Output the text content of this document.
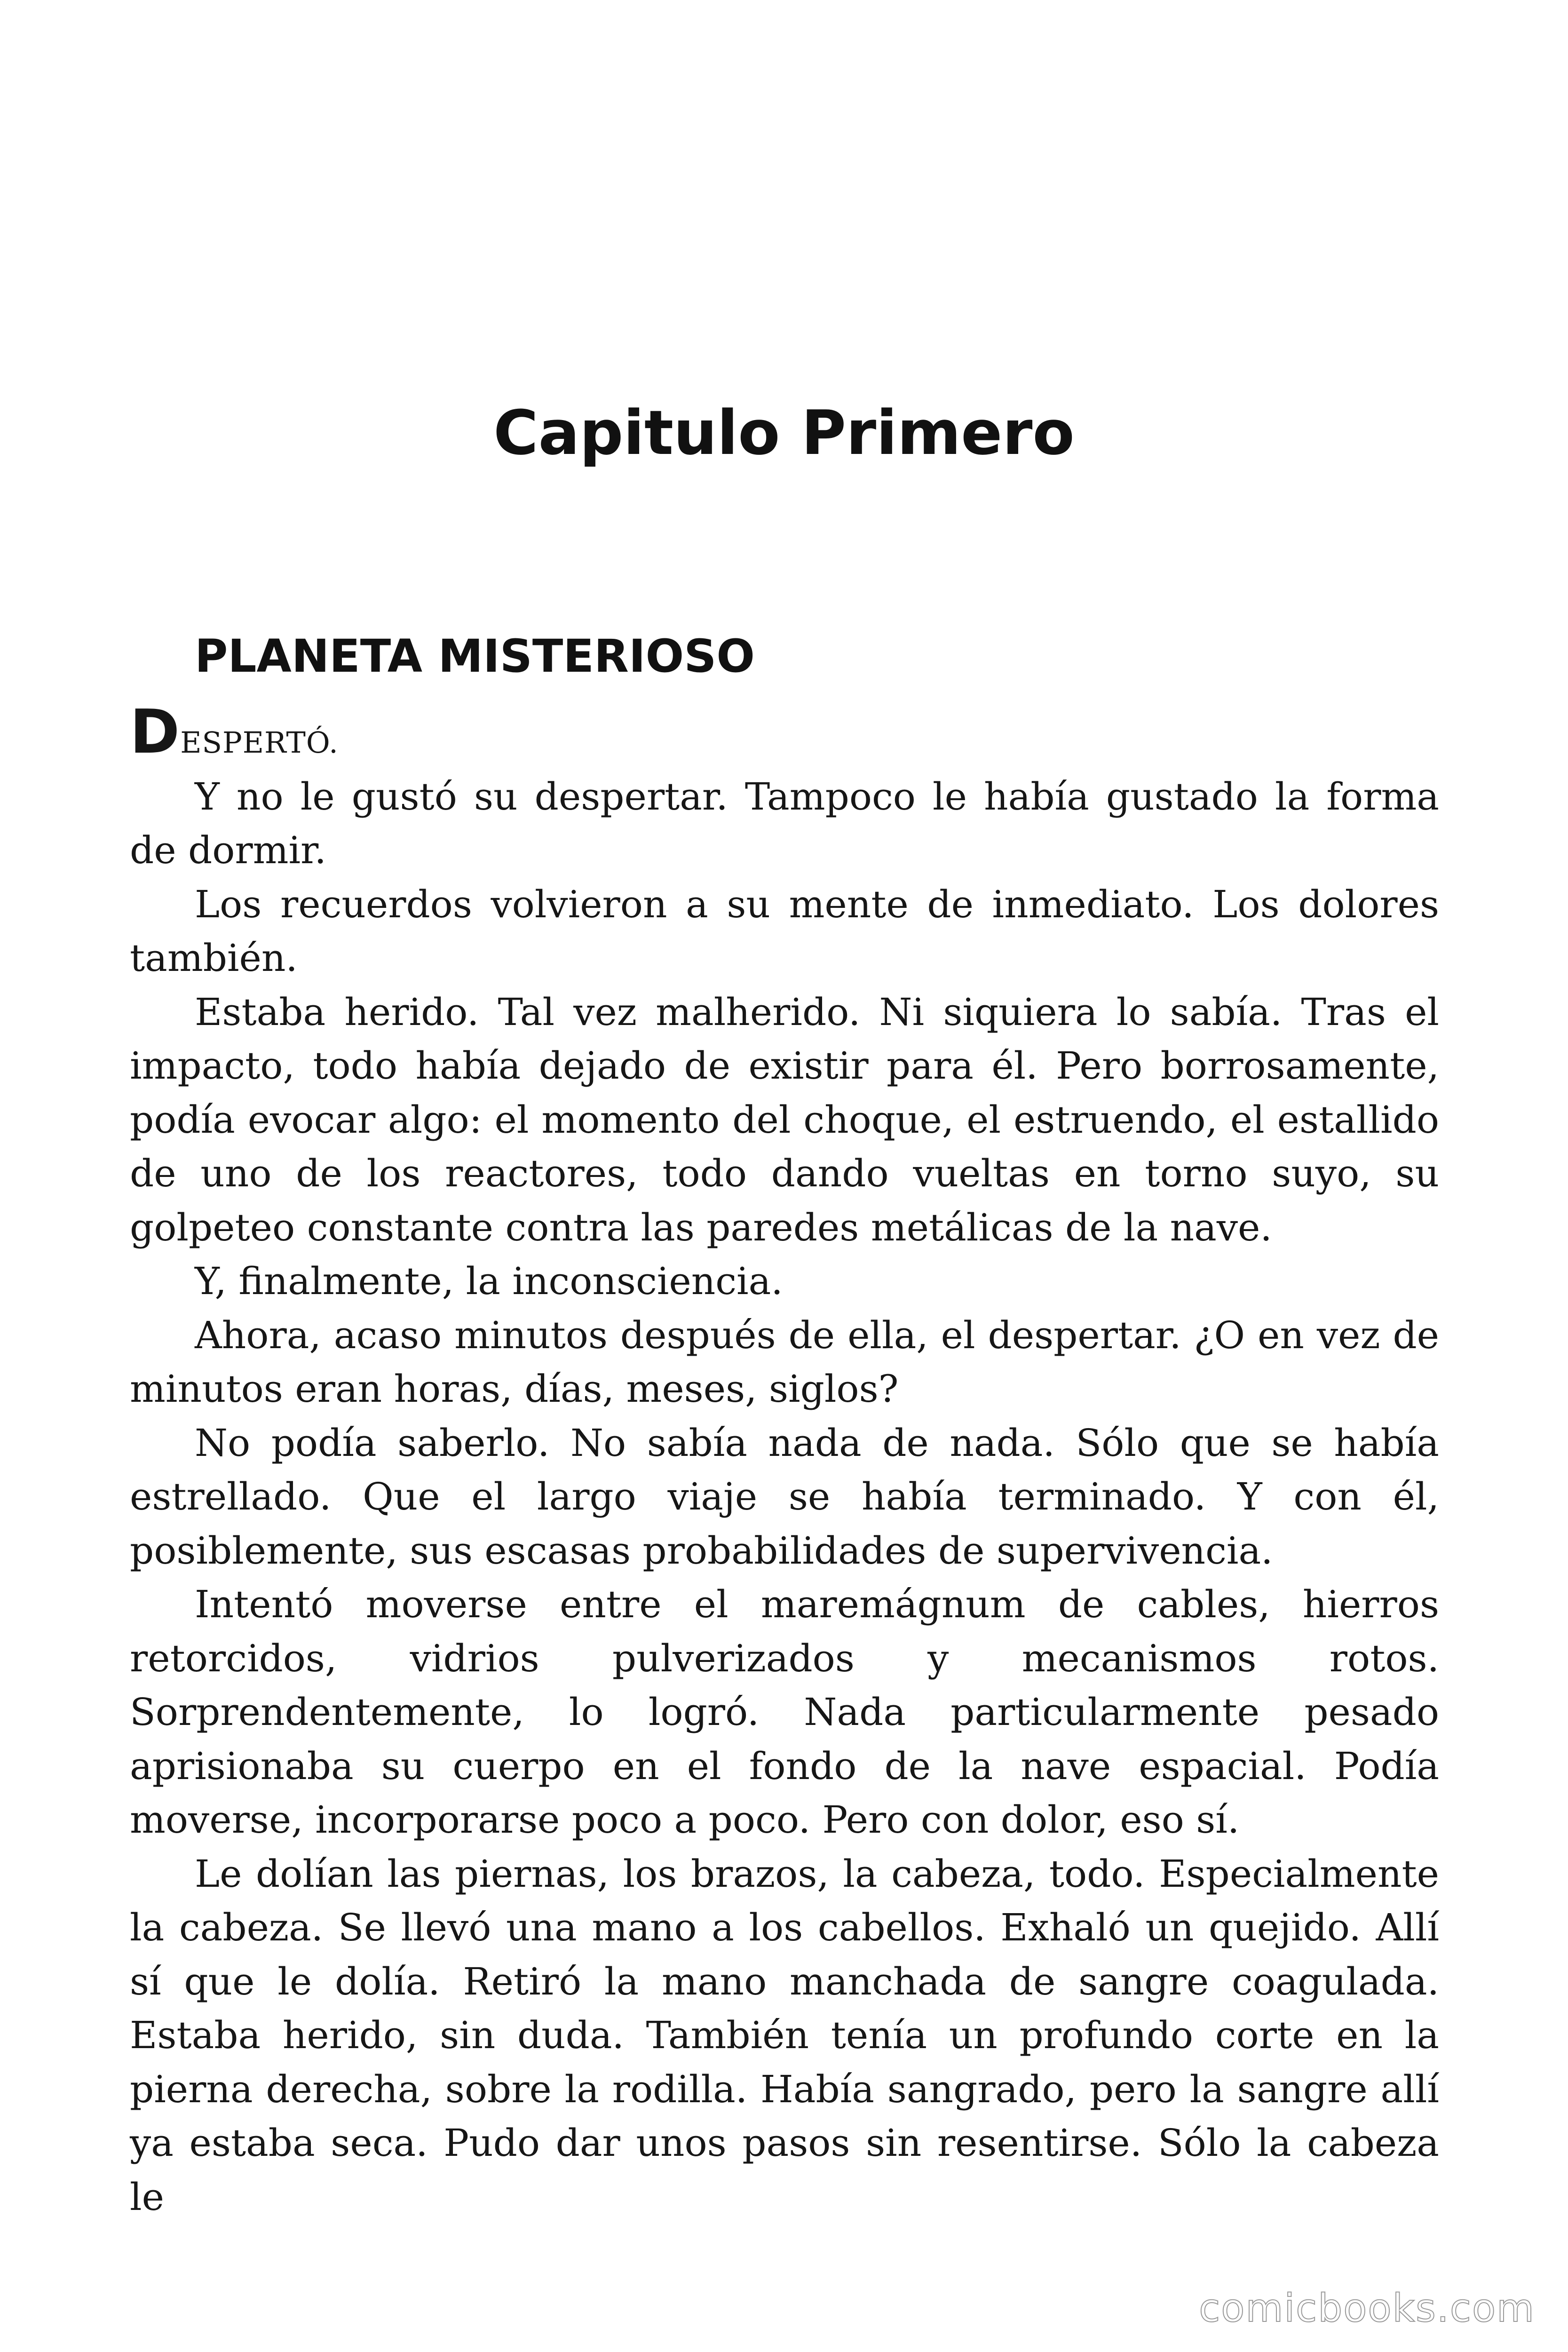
Capitulo Primero
PLANETA MISTERIOSO

DESPERTÓ.

Y no le gustó su despertar. Tampoco le había gustado la forma de dormir.

Los recuerdos volvieron a su mente de inmediato. Los dolores también.

Estaba herido. Tal vez malherido. Ni siquiera lo sabía. Tras el impacto, todo había dejado de existir para él. Pero borrosamente, podía evocar algo: el momento del choque, el estruendo, el estallido de uno de los reactores, todo dando vueltas en torno suyo, su golpeteo constante contra las paredes metálicas de la nave.

Y, finalmente, la inconsciencia.

Ahora, acaso minutos después de ella, el despertar. ¿O en vez de minutos eran horas, días, meses, siglos?

No podía saberlo. No sabía nada de nada. Sólo que se había estrellado. Que el largo viaje se había terminado. Y con él, posiblemente, sus escasas probabilidades de supervivencia.

Intentó moverse entre el maremágnum de cables, hierros retorcidos, vidrios pulverizados y mecanismos rotos. Sorprendentemente, lo logró. Nada particularmente pesado aprisionaba su cuerpo en el fondo de la nave espacial. Podía moverse, incorporarse poco a poco. Pero con dolor, eso sí.

Le dolían las piernas, los brazos, la cabeza, todo. Especialmente la cabeza. Se llevó una mano a los cabellos. Exhaló un quejido. Allí sí que le dolía. Retiró la mano manchada de sangre coagulada. Estaba herido, sin duda. También tenía un profundo corte en la pierna derecha, sobre la rodilla. Había sangrado, pero la sangre allí ya estaba seca. Pudo dar unos pasos sin resentirse. Sólo la cabeza le

comicbooks.com
